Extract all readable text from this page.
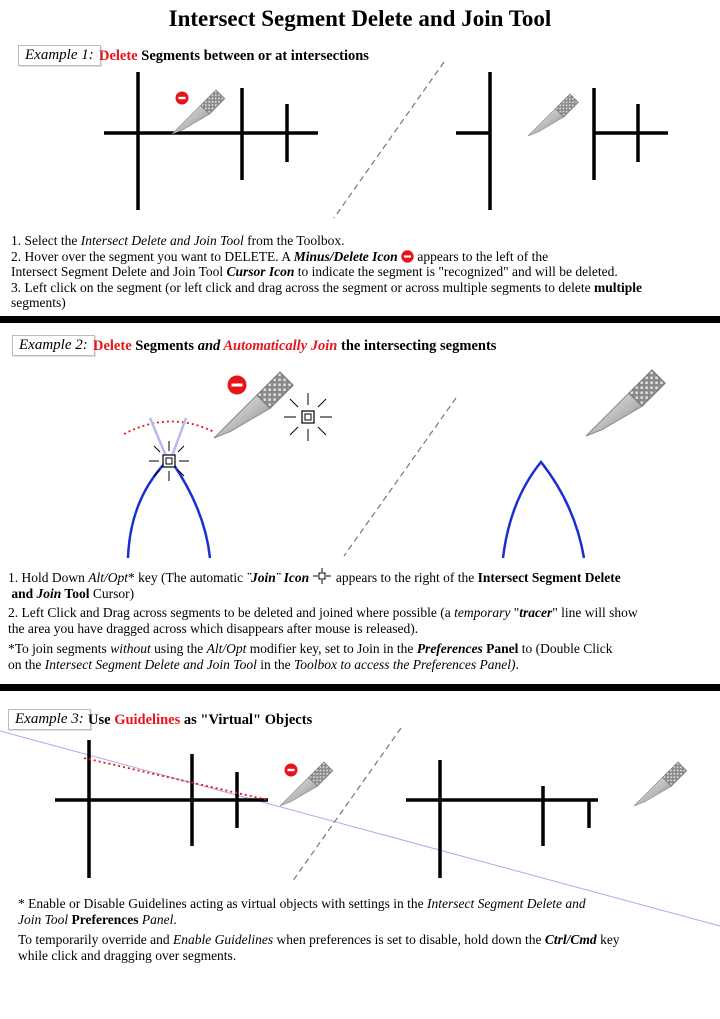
Intersect Segment Delete and Join Tool
Example 1: Delete Segments between or at intersections
1. Select the Intersect Delete and Join Tool from the Toolbox.
2. Hover over the segment you want to DELETE. A Minus/Delete Icon  appears to the left of the
Intersect Segment Delete and Join Tool Cursor Icon to indicate the segment is "recognized" and will be deleted.
3. Left click on the segment (or left click and drag across the segment or across multiple segments to delete multiple
segments)
Example 2: Delete Segments and Automatically Join the intersecting segments
1. Hold Down Alt/Opt* key (The automatic ¨Join¨ Icon  appears to the right of the Intersect Segment Delete
and Join Tool Cursor)
2. Left Click and Drag across segments to be deleted and joined where possible (a temporary "tracer" line will show
the area you have dragged across which disappears after mouse is released).
*To join segments without using the Alt/Opt modifier key, set to Join in the Preferences Panel to (Double Click
on the Intersect Segment Delete and Join Tool in the Toolbox to access the Preferences Panel).
Example 3: Use Guidelines as "Virtual" Objects
* Enable or Disable Guidelines acting as virtual objects with settings in the Intersect Segment Delete and
Join Tool Preferences Panel.
To temporarily override and Enable Guidelines when preferences is set to disable, hold down the Ctrl/Cmd key
while click and dragging over segments.
